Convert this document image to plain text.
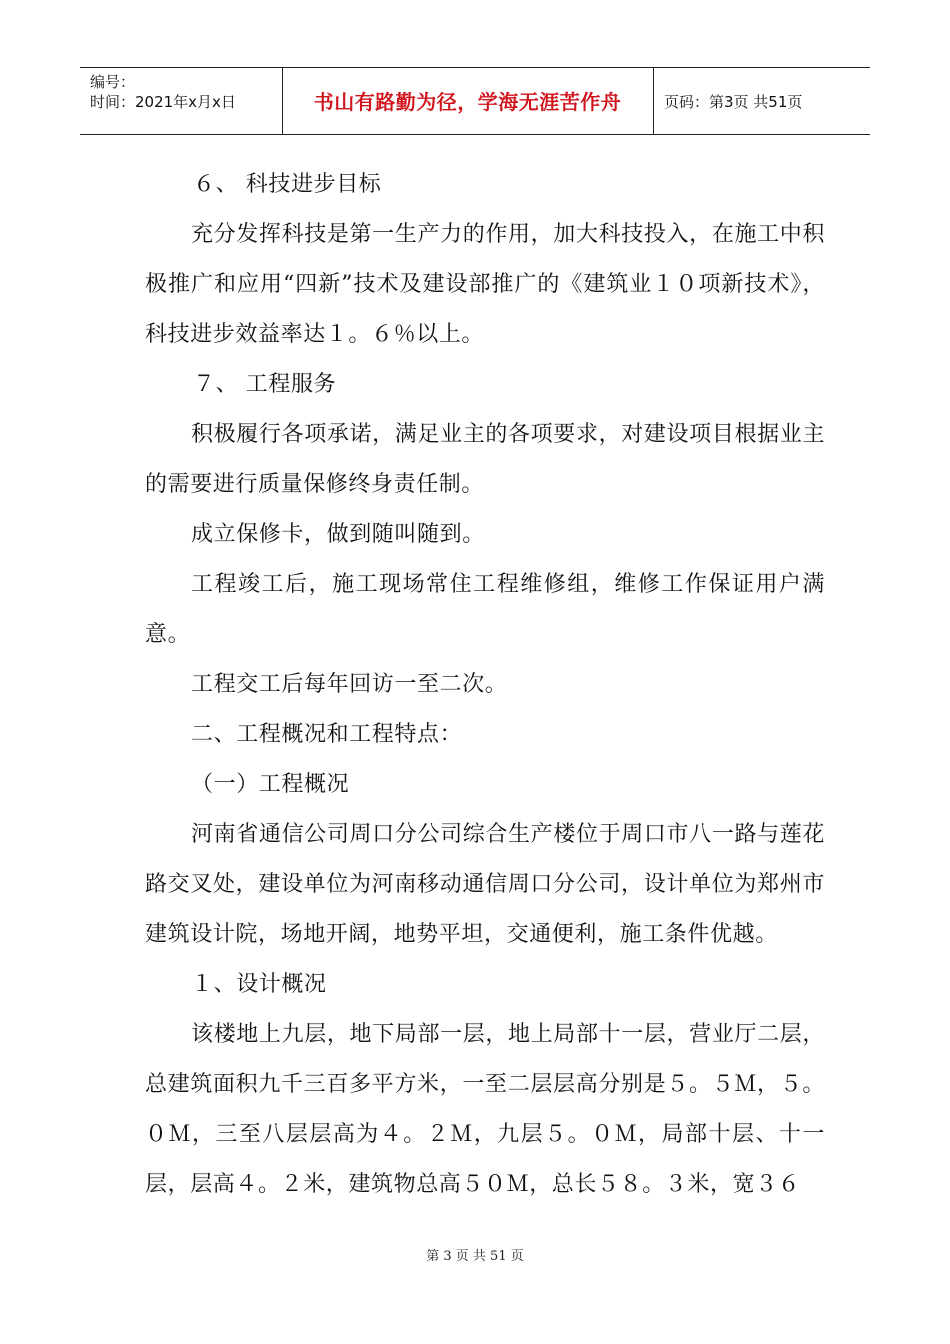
编号：
时间：2021年x月x日	书山有路勤为径，学海无涯苦作舟	页码：第3页 共51页

６、 科技进步目标

充分发挥科技是第一生产力的作用，加大科技投入，在施工中积极推广和应用“四新”技术及建设部推广的《建筑业１０项新技术》，科技进步效益率达１。６％以上。

７、 工程服务

积极履行各项承诺，满足业主的各项要求，对建设项目根据业主的需要进行质量保修终身责任制。

成立保修卡，做到随叫随到。

工程竣工后，施工现场常住工程维修组，维修工作保证用户满意。

工程交工后每年回访一至二次。

二、工程概况和工程特点：

（一）工程概况

河南省通信公司周口分公司综合生产楼位于周口市八一路与莲花路交叉处，建设单位为河南移动通信周口分公司，设计单位为郑州市建筑设计院，场地开阔，地势平坦，交通便利，施工条件优越。

１、设计概况

该楼地上九层，地下局部一层，地上局部十一层，营业厅二层，总建筑面积九千三百多平方米，一至二层层高分别是５。５Ｍ，５。０Ｍ，三至八层层高为４。２Ｍ，九层５。０Ｍ，局部十层、十一层，层高４。２米，建筑物总高５０Ｍ，总长５８。３米，宽３６

第 3 页 共 51 页
